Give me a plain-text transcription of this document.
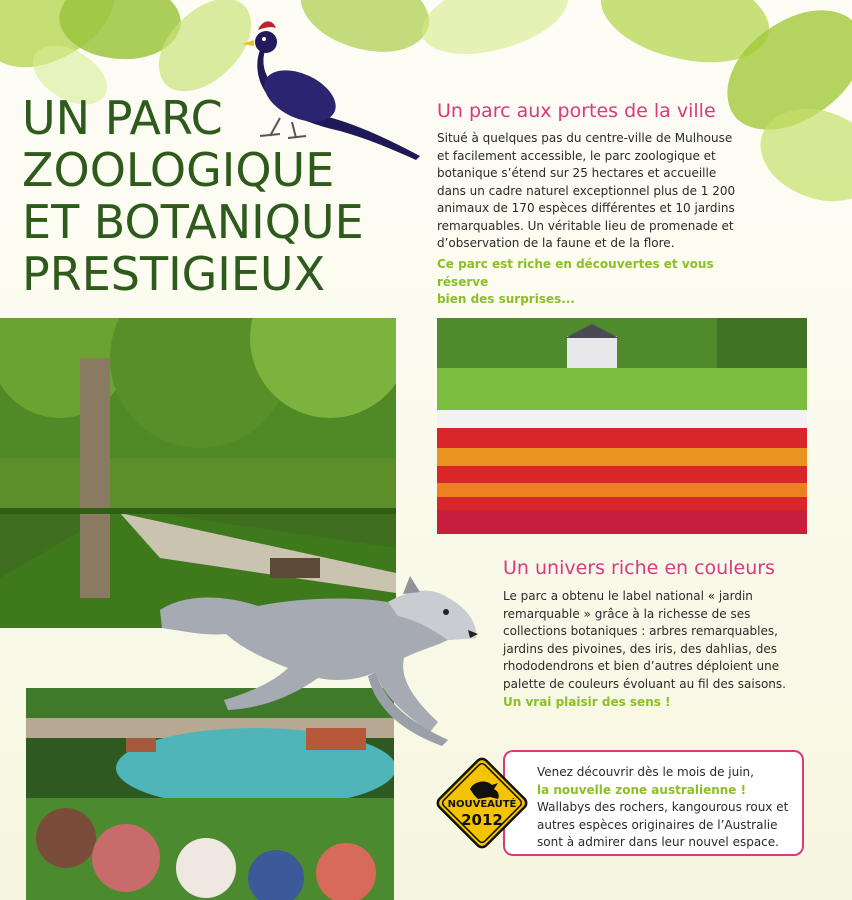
UN PARC
ZOOLOGIQUE
ET BOTANIQUE
PRESTIGIEUX
Un parc aux portes de la ville
Situé à quelques pas du centre-ville de Mulhouse
et facilement accessible, le parc zoologique et
botanique s’étend sur 25 hectares et accueille
dans un cadre naturel exceptionnel plus de 1 200
animaux de 170 espèces différentes et 10 jardins
remarquables. Un véritable lieu de promenade et
d’observation de la faune et de la flore.
Ce parc est riche en découvertes et vous réserve
bien des surprises...
Un univers riche en couleurs
Le parc a obtenu le label national « jardin
remarquable » grâce à la richesse de ses
collections botaniques : arbres remarquables,
jardins des pivoines, des iris, des dahlias, des
rhododendrons et bien d’autres déploient une
palette de couleurs évoluant au fil des saisons.
Un vrai plaisir des sens !
Venez découvrir dès le mois de juin,
la nouvelle zone australienne !
Wallabys des rochers, kangourous roux et
autres espèces originaires de l’Australie
sont à admirer dans leur nouvel espace.
NOUVEAUTÉ
2012
